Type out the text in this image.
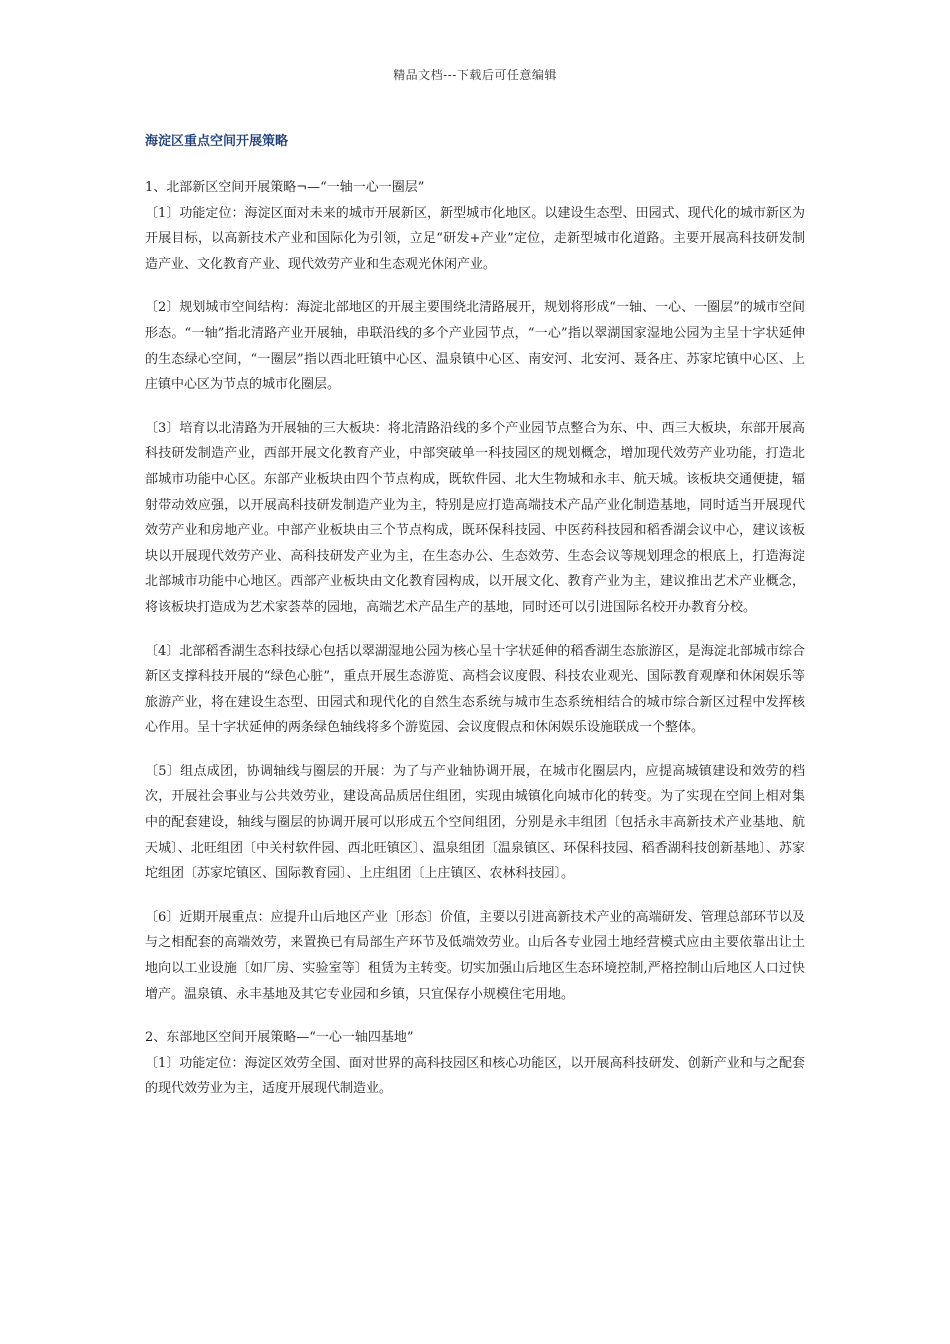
精品文档---下载后可任意编辑
海淀区重点空间开展策略

1、北部新区空间开展策略¬—“一轴一心一圈层”

〔1〕功能定位：海淀区面对未来的城市开展新区，新型城市化地区。以建设生态型、田园式、现代化的城市新区为开展目标，以高新技术产业和国际化为引领，立足“研发+产业”定位，走新型城市化道路。主要开展高科技研发制造产业、文化教育产业、现代效劳产业和生态观光休闲产业。

〔2〕规划城市空间结构：海淀北部地区的开展主要围绕北清路展开，规划将形成“一轴、一心、一圈层”的城市空间形态。“一轴”指北清路产业开展轴，串联沿线的多个产业园节点，“一心”指以翠湖国家湿地公园为主呈十字状延伸的生态绿心空间，“一圈层”指以西北旺镇中心区、温泉镇中心区、南安河、北安河、聂各庄、苏家坨镇中心区、上庄镇中心区为节点的城市化圈层。

〔3〕培育以北清路为开展轴的三大板块：将北清路沿线的多个产业园节点整合为东、中、西三大板块，东部开展高科技研发制造产业，西部开展文化教育产业，中部突破单一科技园区的规划概念，增加现代效劳产业功能，打造北部城市功能中心区。东部产业板块由四个节点构成，既软件园、北大生物城和永丰、航天城。该板块交通便捷，辐射带动效应强，以开展高科技研发制造产业为主，特别是应打造高端技术产品产业化制造基地，同时适当开展现代效劳产业和房地产业。中部产业板块由三个节点构成，既环保科技园、中医药科技园和稻香湖会议中心，建议该板块以开展现代效劳产业、高科技研发产业为主，在生态办公、生态效劳、生态会议等规划理念的根底上，打造海淀北部城市功能中心地区。西部产业板块由文化教育园构成，以开展文化、教育产业为主，建议推出艺术产业概念，将该板块打造成为艺术家荟萃的园地，高端艺术产品生产的基地，同时还可以引进国际名校开办教育分校。

〔4〕北部稻香湖生态科技绿心包括以翠湖湿地公园为核心呈十字状延伸的稻香湖生态旅游区，是海淀北部城市综合新区支撑科技开展的“绿色心脏”，重点开展生态游览、高档会议度假、科技农业观光、国际教育观摩和休闲娱乐等旅游产业，将在建设生态型、田园式和现代化的自然生态系统与城市生态系统相结合的城市综合新区过程中发挥核心作用。呈十字状延伸的两条绿色轴线将多个游览园、会议度假点和休闲娱乐设施联成一个整体。

〔5〕组点成团，协调轴线与圈层的开展：为了与产业轴协调开展，在城市化圈层内，应提高城镇建设和效劳的档次，开展社会事业与公共效劳业，建设高品质居住组团，实现由城镇化向城市化的转变。为了实现在空间上相对集中的配套建设，轴线与圈层的协调开展可以形成五个空间组团，分别是永丰组团〔包括永丰高新技术产业基地、航天城〕、北旺组团〔中关村软件园、西北旺镇区〕、温泉组团〔温泉镇区、环保科技园、稻香湖科技创新基地〕、苏家坨组团〔苏家坨镇区、国际教育园〕、上庄组团〔上庄镇区、农林科技园〕。

〔6〕近期开展重点：应提升山后地区产业〔形态〕价值，主要以引进高新技术产业的高端研发、管理总部环节以及与之相配套的高端效劳，来置换已有局部生产环节及低端效劳业。山后各专业园土地经营模式应由主要依靠出让土地向以工业设施〔如厂房、实验室等〕租赁为主转变。切实加强山后地区生态环境控制,严格控制山后地区人口过快增产。温泉镇、永丰基地及其它专业园和乡镇，只宜保存小规模住宅用地。

2、东部地区空间开展策略—“一心一轴四基地”

〔1〕功能定位：海淀区效劳全国、面对世界的高科技园区和核心功能区，以开展高科技研发、创新产业和与之配套的现代效劳业为主，适度开展现代制造业。
